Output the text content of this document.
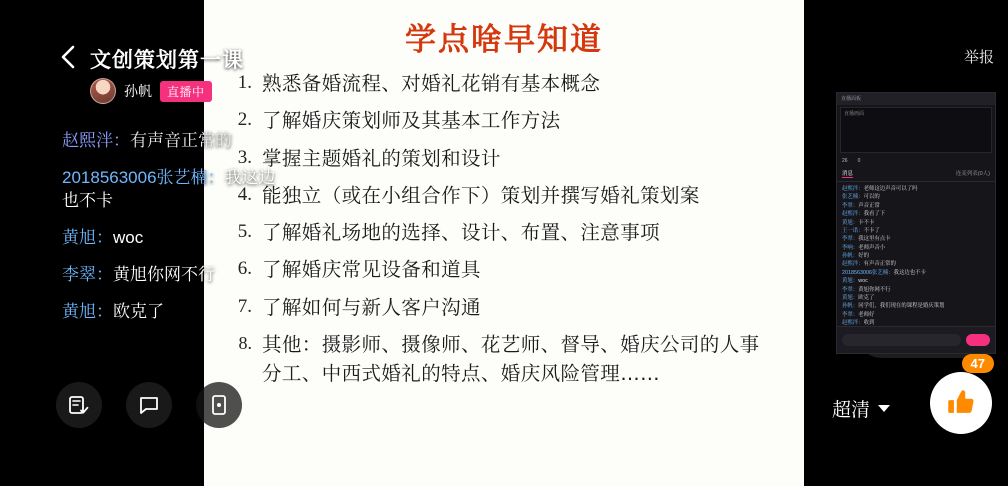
学点啥早知道
1. 熟悉备婚流程、对婚礼花销有基本概念
2. 了解婚庆策划师及其基本工作方法
3. 掌握主题婚礼的策划和设计
4. 能独立（或在小组合作下）策划并撰写婚礼策划案
5. 了解婚礼场地的选择、设计、布置、注意事项
6. 了解婚庆常见设备和道具
7. 了解如何与新人客户沟通
8. 其他：摄影师、摄像师、花艺师、督导、婚庆公司的人事
分工、中西式婚礼的特点、婚庆风险管理……
文创策划第一课
孙帆	直播中
举报
赵熙泮：有声音正常的
2018563006张艺楠：我这边
也不卡
黄旭：woc
李翠：黄旭你网不行
黄旭：欧克了
超清
47
直播面板
直播画面
26 0
消息	连麦列表(0人)
赵熙泮：老师这边声音可以了吗
张艺楠：可以的
李翠：声音正常
赵熙泮：我看了下
黄旭：卡不卡
王一诺：不卡了
李翠：我这里有点卡
李响：老师声音小
孙帆：好的
赵熙泮：有声音正常的
2018563006张艺楠：我这边也不卡
黄旭：woc
李翠：黄旭你网不行
黄旭：欧克了
孙帆：同学们，我们现在的课程是婚庆策划
李翠：老师好
赵熙泮：收到
